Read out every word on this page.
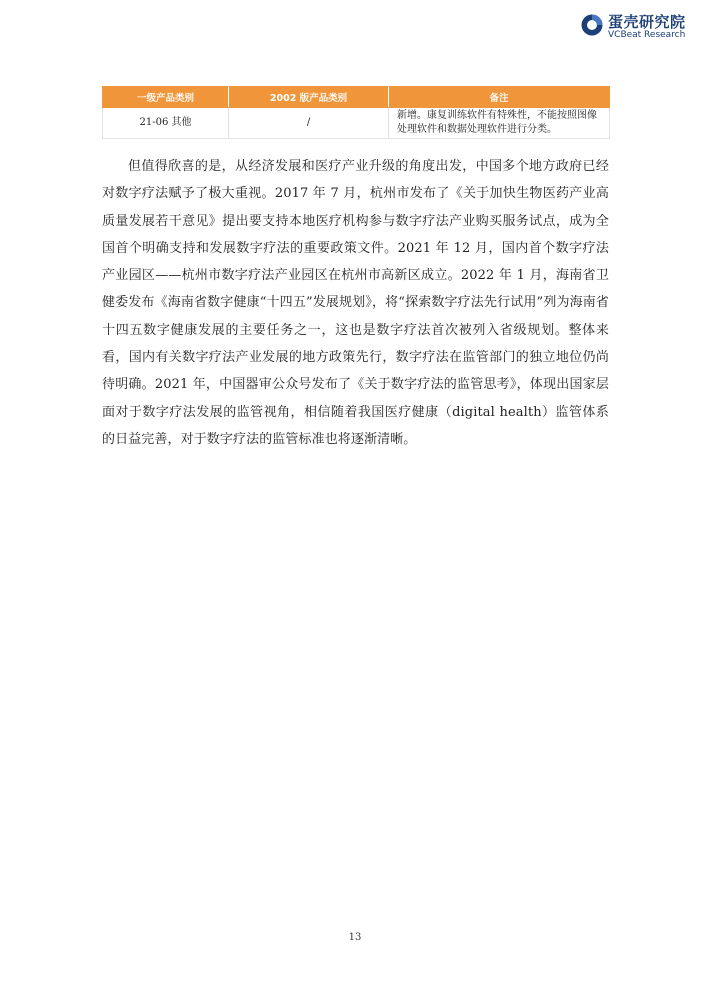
蛋壳研究院
VCBeat Research
一级产品类别	2002 版产品类别	备注
21-06 其他	/	新增。康复训练软件有特殊性，不能按照图像处理软件和数据处理软件进行分类。

但值得欣喜的是，从经济发展和医疗产业升级的角度出发，中国多个地方政府已经对数字疗法赋予了极大重视。2017 年 7 月，杭州市发布了《关于加快生物医药产业高质量发展若干意见》提出要支持本地医疗机构参与数字疗法产业购买服务试点，成为全国首个明确支持和发展数字疗法的重要政策文件。2021 年 12 月，国内首个数字疗法产业园区——杭州市数字疗法产业园区在杭州市高新区成立。2022 年 1 月，海南省卫健委发布《海南省数字健康“十四五”发展规划》，将“探索数字疗法先行试用”列为海南省十四五数字健康发展的主要任务之一，这也是数字疗法首次被列入省级规划。整体来看，国内有关数字疗法产业发展的地方政策先行，数字疗法在监管部门的独立地位仍尚待明确。2021 年，中国器审公众号发布了《关于数字疗法的监管思考》，体现出国家层面对于数字疗法发展的监管视角，相信随着我国医疗健康（digital health）监管体系的日益完善，对于数字疗法的监管标准也将逐渐清晰。

13
